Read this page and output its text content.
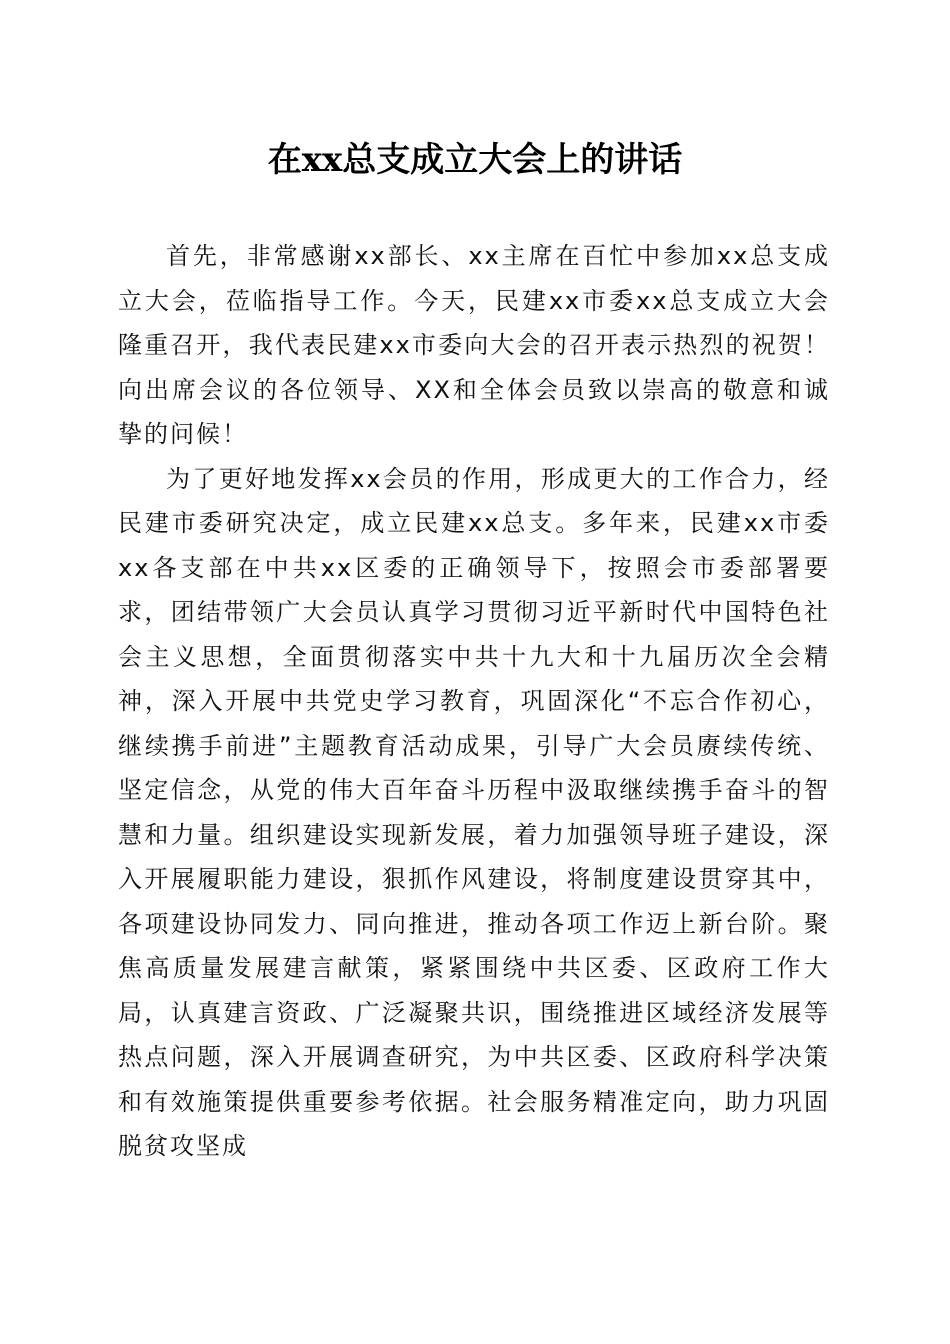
在xx总支成立大会上的讲话

首先，非常感谢xx部长、xx主席在百忙中参加xx总支成立大会，莅临指导工作。今天，民建xx市委xx总支成立大会隆重召开，我代表民建xx市委向大会的召开表示热烈的祝贺！向出席会议的各位领导、XX和全体会员致以崇高的敬意和诚挚的问候！

为了更好地发挥xx会员的作用，形成更大的工作合力，经民建市委研究决定，成立民建xx总支。多年来，民建xx市委xx各支部在中共xx区委的正确领导下，按照会市委部署要求，团结带领广大会员认真学习贯彻习近平新时代中国特色社会主义思想，全面贯彻落实中共十九大和十九届历次全会精神，深入开展中共党史学习教育，巩固深化“不忘合作初心，继续携手前进”主题教育活动成果，引导广大会员赓续传统、坚定信念，从党的伟大百年奋斗历程中汲取继续携手奋斗的智慧和力量。组织建设实现新发展，着力加强领导班子建设，深入开展履职能力建设，狠抓作风建设，将制度建设贯穿其中，各项建设协同发力、同向推进，推动各项工作迈上新台阶。聚焦高质量发展建言献策，紧紧围绕中共区委、区政府工作大局，认真建言资政、广泛凝聚共识，围绕推进区域经济发展等热点问题，深入开展调查研究，为中共区委、区政府科学决策和有效施策提供重要参考依据。社会服务精准定向，助力巩固脱贫攻坚成
